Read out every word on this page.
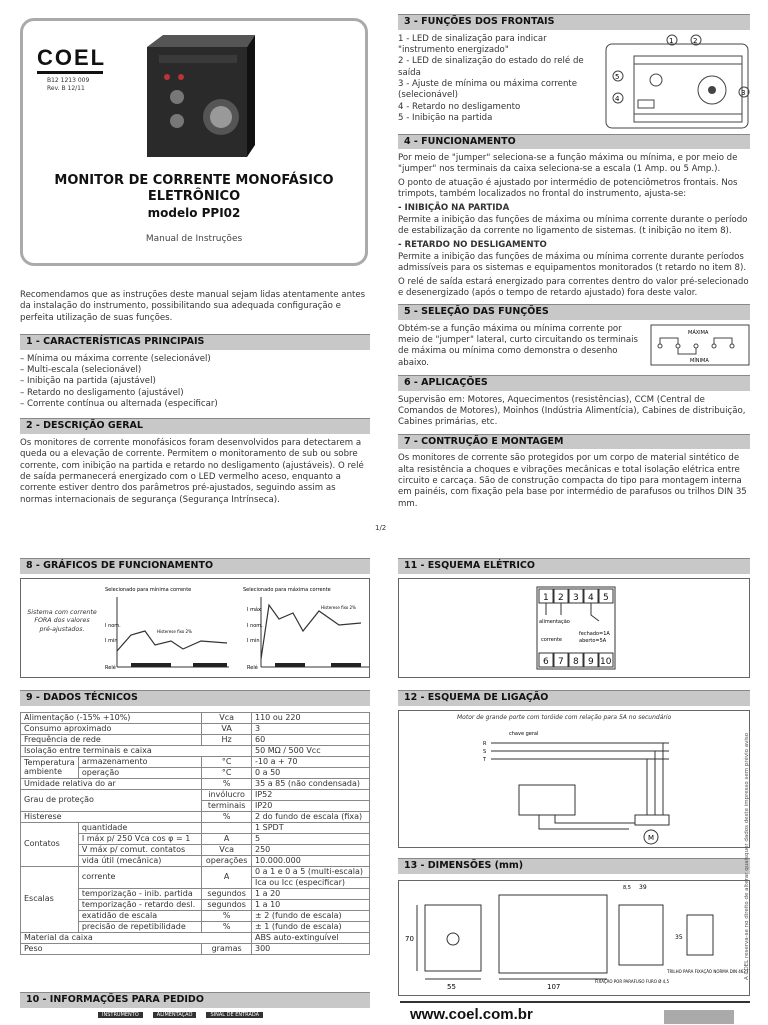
COEL
B12 1213 009
Rev. B 12/11
MONITOR DE CORRENTE MONOFÁSICO
ELETRÔNICO
modelo PPI02
Manual de Instruções

Recomendamos que as instruções deste manual sejam lidas atentamente antes da instalação do instrumento, possibilitando sua adequada configuração e perfeita utilização de suas funções.

1 - CARACTERÍSTICAS PRINCIPAIS
– Mínima ou máxima corrente (selecionável)
– Multi-escala (selecionável)
– Inibição na partida (ajustável)
– Retardo no desligamento (ajustável)
– Corrente contínua ou alternada (especificar)
2 - DESCRIÇÃO GERAL

Os monitores de corrente monofásicos foram desenvolvidos para detectarem a queda ou a elevação de corrente. Permitem o monitoramento de sub ou sobre corrente, com inibição na partida e retardo no desligamento (ajustáveis). O relé de saída permanecerá energizado com o LED vermelho aceso, enquanto a corrente estiver dentro dos parâmetros pré-ajustados, seguindo assim as normas internacionais de segurança (Segurança Intrínseca).

3 - FUNÇÕES DOS FRONTAIS

1 - LED de sinalização para indicar "instrumento energizado"

2 - LED de sinalização do estado do relé de saída

3 - Ajuste de mínima ou máxima corrente (selecionável)

4 - Retardo no desligamento

5 - Inibição na partida

1	2
5
4
3
4 - FUNCIONAMENTO

Por meio de "jumper" seleciona-se a função máxima ou mínima, e por meio de "jumper" nos terminais da caixa seleciona-se a escala (1 Amp. ou 5 Amp.).

O ponto de atuação é ajustado por intermédio de potenciômetros frontais. Nos trimpots, também localizados no frontal do instrumento, ajusta-se:

- INIBIÇÃO NA PARTIDA

Permite a inibição das funções de máxima ou mínima corrente durante o período de estabilização da corrente no ligamento de sistemas. (t inibição no item 8).

- RETARDO NO DESLIGAMENTO

Permite a inibição das funções de máxima ou mínima corrente durante períodos admissíveis para os sistemas e equipamentos monitorados (t retardo no item 8).

O relé de saída estará energizado para correntes dentro do valor pré-selecionado e desenergizado (após o tempo de retardo ajustado) fora deste valor.

5 - SELEÇÃO DAS FUNÇÕES

Obtém-se a função máxima ou mínima corrente por meio de "jumper" lateral, curto circuitando os terminais de máxima ou mínima como demonstra o desenho abaixo.

MÁXIMA
MÍNIMA
6 - APLICAÇÕES

Supervisão em: Motores, Aquecimentos (resistências), CCM (Central de Comandos de Motores), Moinhos (Indústria Alimentícia), Cabines de distribuição, Cabines primárias, etc.

7 - CONTRUÇÃO E MONTAGEM

Os monitores de corrente são protegidos por um corpo de material sintético de alta resistência a choques e vibrações mecânicas e total isolação elétrica entre circuito e carcaça. São de construção compacta do tipo para montagem interna em painéis, com fixação pela base por intermédio de parafusos ou trilhos DIN 35 mm.

1/2
8 - GRÁFICOS DE FUNCIONAMENTO
Sistema com corrente FORA dos valores pré-ajustados.
Selecionado para mínima corrente	Selecionado para máxima corrente
I nom.
I min
Relé
I máx
I nom.
I min
Relé
Histerese fixo 2%
Histerese fixo 2%
9 - DADOS TÉCNICOS
Alimentação (-15% +10%)		Vca	110 ou 220
Consumo aproximado		VA	3
Frequência de rede		Hz	60
Isolação entre terminais e caixa			50 MΩ / 500 Vcc
Temperatura ambiente	armazenamento	°C	-10 a + 70
	operação	°C	0 a 50
Umidade relativa do ar		%	35 a 85 (não condensada)
Grau de proteção		invólucro	IP52
		terminais	IP20
Histerese		%	2 do fundo de escala (fixa)
Contatos	quantidade		1 SPDT
	I máx p/ 250 Vca cos φ = 1	A	5
	V máx p/ comut. contatos	Vca	250
	vida útil (mecânica)	operações	10.000.000
Escalas	corrente	A	0 a 1 e 0 a 5 (multi-escala)
			Ica ou Icc (especificar)
	temporização - inib. partida	segundos	1 a 20
	temporização - retardo desl.	segundos	1 a 10
	exatidão de escala	%	± 2 (fundo de escala)
	precisão de repetibilidade	%	± 1 (fundo de escala)
Material da caixa			ABS auto-extinguível
Peso		gramas	300
10 - INFORMAÇÕES PARA PEDIDO
INSTRUMENTO	ALIMENTAÇÃO	SINAL DE ENTRADA
11 - ESQUEMA ELÉTRICO
1 2 3 4 5
6 7 8 9 10
alimentação
corrente
fechado=1A
aberto=5A
12 - ESQUEMA DE LIGAÇÃO
Motor de grande porte com toróide com relação para 5A no secundário
chave geral
R
S
T
M
13 - DIMENSÕES (mm)
70
55	107
39
8,5
FIXAÇÃO POR PARAFUSO FURO Ø 4,5
35
TRILHO PARA FIXAÇÃO NORMA DIN 46277
www.coel.com.br
A COEL reserva-se no direito de alterar quaisquer dados deste impresso sem prévio aviso
